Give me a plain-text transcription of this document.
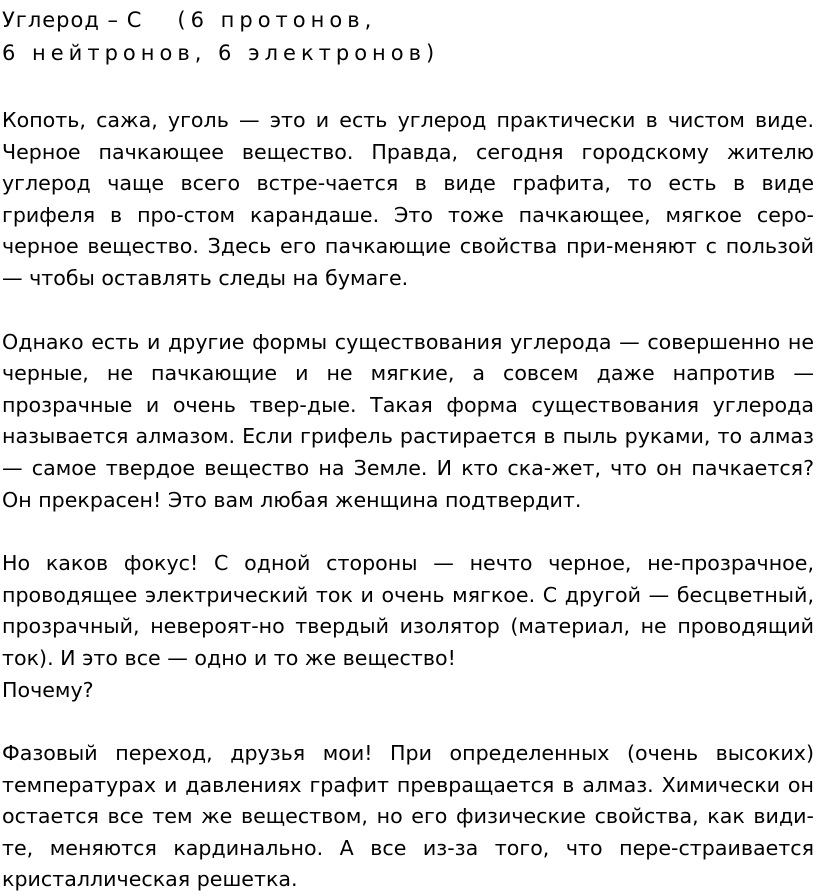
Углерод – С (6 протонов, 6 нейтронов, 6 электронов)

Копоть, сажа, уголь — это и есть углерод практически в чистом виде. Черное пачкающее вещество. Правда, сегодня городскому жителю углерод чаще всего встре-чается в виде графита, то есть в виде грифеля в про-стом карандаше. Это тоже пачкающее, мягкое серо-черное вещество. Здесь его пачкающие свойства при-меняют с пользой — чтобы оставлять следы на бумаге.

Однако есть и другие формы существования углерода — совершенно не черные, не пачкающие и не мягкие, а совсем даже напротив — прозрачные и очень твер-дые. Такая форма существования углерода называется алмазом. Если грифель растирается в пыль руками, то алмаз — самое твердое вещество на Земле. И кто ска-жет, что он пачкается? Он прекрасен! Это вам любая женщина подтвердит.

Но каков фокус! С одной стороны — нечто черное, не-прозрачное, проводящее электрический ток и очень мягкое. С другой — бесцветный, прозрачный, невероят-но твердый изолятор (материал, не проводящий ток). И это все — одно и то же вещество!

Почему?

Фазовый переход, друзья мои! При определенных (очень высоких) температурах и давлениях графит превращается в алмаз. Химически он остается все тем же веществом, но его физические свойства, как види-те, меняются кардинально. А все из-за того, что пере-страивается кристаллическая решетка.
